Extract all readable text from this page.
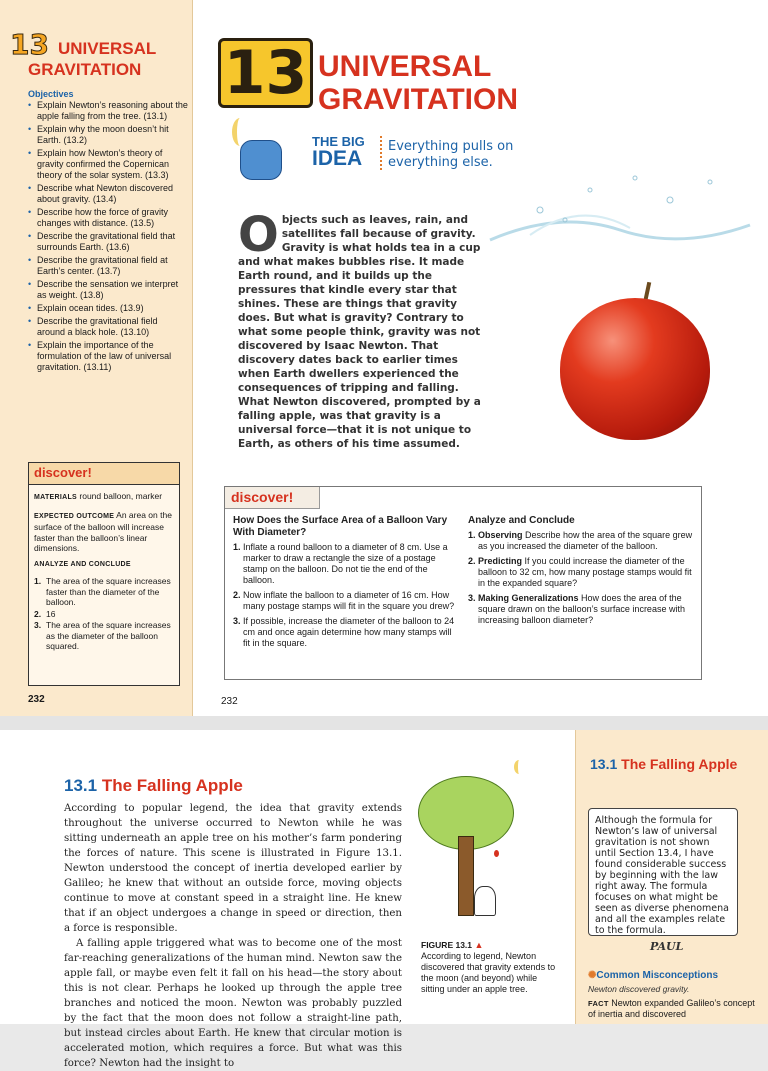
13 UNIVERSAL GRAVITATION
Objectives
• Explain Newton’s reasoning about the apple falling from the tree. (13.1)
• Explain why the moon doesn’t hit Earth. (13.2)
• Explain how Newton’s theory of gravity confirmed the Copernican theory of the solar system. (13.3)
• Describe what Newton discovered about gravity. (13.4)
• Describe how the force of gravity changes with distance. (13.5)
• Describe the gravitational field that surrounds Earth. (13.6)
• Describe the gravitational field at Earth’s center. (13.7)
• Describe the sensation we interpret as weight. (13.8)
• Explain ocean tides. (13.9)
• Describe the gravitational field around a black hole. (13.10)
• Explain the importance of the formulation of the law of universal gravitation. (13.11)
discover!

MATERIALS round balloon, marker

EXPECTED OUTCOME An area on the surface of the balloon will increase faster than the balloon’s linear dimensions.

ANALYZE AND CONCLUDE

1. The area of the square increases faster than the diameter of the balloon.
2. 16
3. The area of the square increases as the diameter of the balloon squared.
232
13 UNIVERSAL
GRAVITATION
THE BIG
IDEA
Everything pulls on everything else.
Objects such as leaves, rain, and satellites fall because of gravity. Gravity is what holds tea in a cup and what makes bubbles rise. It made Earth round, and it builds up the pressures that kindle every star that shines. These are things that gravity does. But what is gravity? Contrary to what some people think, gravity was not discovered by Isaac Newton. That discovery dates back to earlier times when Earth dwellers experienced the consequences of tripping and falling. What Newton discovered, prompted by a falling apple, was that gravity is a universal force—that it is not unique to Earth, as others of his time assumed.
discover!
How Does the Surface Area of a Balloon Vary With Diameter?
1. Inflate a round balloon to a diameter of 8 cm. Use a marker to draw a rectangle the size of a postage stamp on the balloon. Do not tie the end of the balloon.
2. Now inflate the balloon to a diameter of 16 cm. How many postage stamps will fit in the square you drew?
3. If possible, increase the diameter of the balloon to 24 cm and once again determine how many stamps will fit in the square.
Analyze and Conclude
1. Observing Describe how the area of the square grew as you increased the diameter of the balloon.
2. Predicting If you could increase the diameter of the balloon to 32 cm, how many postage stamps would fit in the expanded square?
3. Making Generalizations How does the area of the square drawn on the balloon’s surface increase with increasing balloon diameter?
232
13.1 The Falling Apple

According to popular legend, the idea that gravity extends throughout the universe occurred to Newton while he was sitting underneath an apple tree on his mother’s farm pondering the forces of nature. This scene is illustrated in Figure 13.1. Newton understood the concept of inertia developed earlier by Galileo; he knew that without an outside force, moving objects continue to move at constant speed in a straight line. He knew that if an object undergoes a change in speed or direction, then a force is responsible.

A falling apple triggered what was to become one of the most far-reaching generalizations of the human mind. Newton saw the apple fall, or maybe even felt it fall on his head—the story about this is not clear. Perhaps he looked up through the apple tree branches and noticed the moon. Newton was probably puzzled by the fact that the moon does not follow a straight-line path, but instead circles about Earth. He knew that circular motion is accelerated motion, which requires a force. But what was this force? Newton had the insight to

FIGURE 13.1 ▲
According to legend, Newton discovered that gravity extends to the moon (and beyond) while sitting under an apple tree.
13.1 The Falling Apple
Although the formula for Newton’s law of universal gravitation is not shown until Section 13.4, I have found considerable success by beginning with the law right away. The formula focuses on what might be seen as diverse phenomena and all the examples relate to the formula.
PAUL
✺Common Misconceptions
Newton discovered gravity.
FACT Newton expanded Galileo’s concept of inertia and discovered
